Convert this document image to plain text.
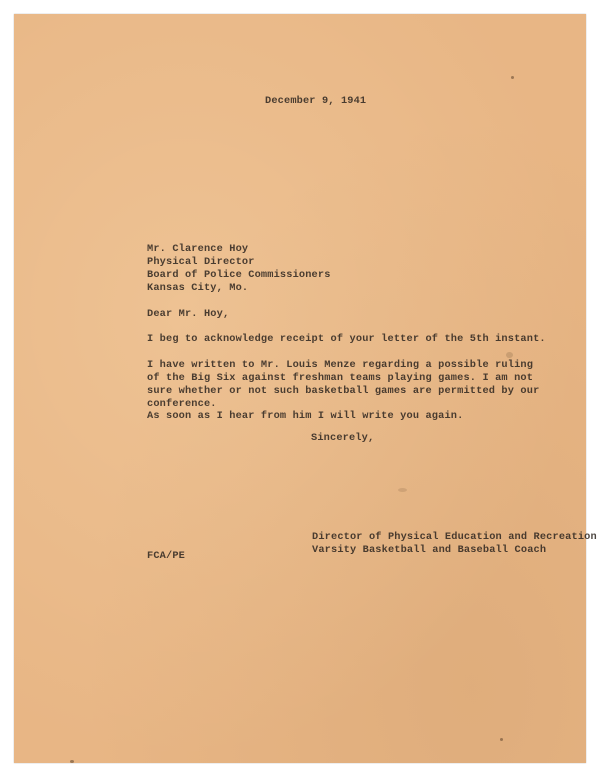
December 9, 1941

Mr. Clarence Hoy

Physical Director

Board of Police Commissioners

Kansas City, Mo.

Dear Mr. Hoy,

I beg to acknowledge receipt of your letter of the 5th instant.

I have written to Mr. Louis Menze regarding a possible ruling

of the Big Six against freshman teams playing games. I am not

sure whether or not such basketball games are permitted by our

conference.

As soon as I hear from him I will write you again.

Sincerely,

Director of Physical Education and Recreation

Varsity Basketball and Baseball Coach

FCA/PE
